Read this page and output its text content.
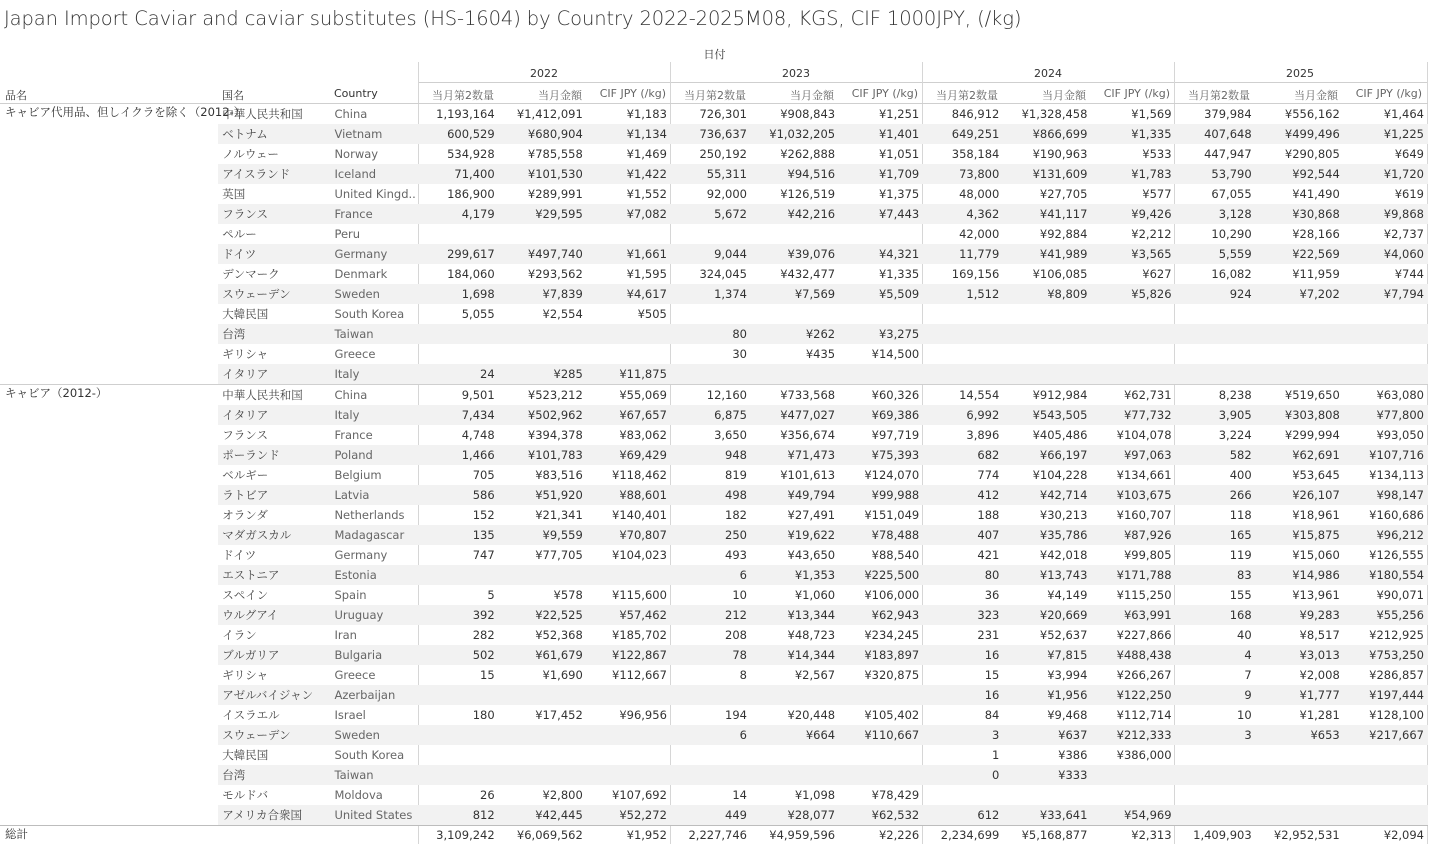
Japan Import Caviar and caviar substitutes (HS-1604) by Country 2022-2025M08, KGS, CIF 1000JPY, (/kg)
日付
2022	2023	2024	2025
品名	国名	Country	当月第2数量	当月金額	CIF JPY (/kg)	当月第2数量	当月金額	CIF JPY (/kg)	当月第2数量	当月金額	CIF JPY (/kg)	当月第2数量	当月金額	CIF JPY (/kg)
キャビア代用品、但しイクラを除く（2012-）	中華人民共和国	China	1,193,164	¥1,412,091	¥1,183	726,301	¥908,843	¥1,251	846,912	¥1,328,458	¥1,569	379,984	¥556,162	¥1,464
	ベトナム	Vietnam	600,529	¥680,904	¥1,134	736,637	¥1,032,205	¥1,401	649,251	¥866,699	¥1,335	407,648	¥499,496	¥1,225
	ノルウェー	Norway	534,928	¥785,558	¥1,469	250,192	¥262,888	¥1,051	358,184	¥190,963	¥533	447,947	¥290,805	¥649
	アイスランド	Iceland	71,400	¥101,530	¥1,422	55,311	¥94,516	¥1,709	73,800	¥131,609	¥1,783	53,790	¥92,544	¥1,720
	英国	United Kingd..	186,900	¥289,991	¥1,552	92,000	¥126,519	¥1,375	48,000	¥27,705	¥577	67,055	¥41,490	¥619
	フランス	France	4,179	¥29,595	¥7,082	5,672	¥42,216	¥7,443	4,362	¥41,117	¥9,426	3,128	¥30,868	¥9,868
	ペルー	Peru							42,000	¥92,884	¥2,212	10,290	¥28,166	¥2,737
	ドイツ	Germany	299,617	¥497,740	¥1,661	9,044	¥39,076	¥4,321	11,779	¥41,989	¥3,565	5,559	¥22,569	¥4,060
	デンマーク	Denmark	184,060	¥293,562	¥1,595	324,045	¥432,477	¥1,335	169,156	¥106,085	¥627	16,082	¥11,959	¥744
	スウェーデン	Sweden	1,698	¥7,839	¥4,617	1,374	¥7,569	¥5,509	1,512	¥8,809	¥5,826	924	¥7,202	¥7,794
	大韓民国	South Korea	5,055	¥2,554	¥505									
	台湾	Taiwan				80	¥262	¥3,275						
	ギリシャ	Greece				30	¥435	¥14,500						
	イタリア	Italy	24	¥285	¥11,875									
キャビア（2012-）	中華人民共和国	China	9,501	¥523,212	¥55,069	12,160	¥733,568	¥60,326	14,554	¥912,984	¥62,731	8,238	¥519,650	¥63,080
	イタリア	Italy	7,434	¥502,962	¥67,657	6,875	¥477,027	¥69,386	6,992	¥543,505	¥77,732	3,905	¥303,808	¥77,800
	フランス	France	4,748	¥394,378	¥83,062	3,650	¥356,674	¥97,719	3,896	¥405,486	¥104,078	3,224	¥299,994	¥93,050
	ポーランド	Poland	1,466	¥101,783	¥69,429	948	¥71,473	¥75,393	682	¥66,197	¥97,063	582	¥62,691	¥107,716
	ベルギー	Belgium	705	¥83,516	¥118,462	819	¥101,613	¥124,070	774	¥104,228	¥134,661	400	¥53,645	¥134,113
	ラトビア	Latvia	586	¥51,920	¥88,601	498	¥49,794	¥99,988	412	¥42,714	¥103,675	266	¥26,107	¥98,147
	オランダ	Netherlands	152	¥21,341	¥140,401	182	¥27,491	¥151,049	188	¥30,213	¥160,707	118	¥18,961	¥160,686
	マダガスカル	Madagascar	135	¥9,559	¥70,807	250	¥19,622	¥78,488	407	¥35,786	¥87,926	165	¥15,875	¥96,212
	ドイツ	Germany	747	¥77,705	¥104,023	493	¥43,650	¥88,540	421	¥42,018	¥99,805	119	¥15,060	¥126,555
	エストニア	Estonia				6	¥1,353	¥225,500	80	¥13,743	¥171,788	83	¥14,986	¥180,554
	スペイン	Spain	5	¥578	¥115,600	10	¥1,060	¥106,000	36	¥4,149	¥115,250	155	¥13,961	¥90,071
	ウルグアイ	Uruguay	392	¥22,525	¥57,462	212	¥13,344	¥62,943	323	¥20,669	¥63,991	168	¥9,283	¥55,256
	イラン	Iran	282	¥52,368	¥185,702	208	¥48,723	¥234,245	231	¥52,637	¥227,866	40	¥8,517	¥212,925
	ブルガリア	Bulgaria	502	¥61,679	¥122,867	78	¥14,344	¥183,897	16	¥7,815	¥488,438	4	¥3,013	¥753,250
	ギリシャ	Greece	15	¥1,690	¥112,667	8	¥2,567	¥320,875	15	¥3,994	¥266,267	7	¥2,008	¥286,857
	アゼルバイジャン	Azerbaijan							16	¥1,956	¥122,250	9	¥1,777	¥197,444
	イスラエル	Israel	180	¥17,452	¥96,956	194	¥20,448	¥105,402	84	¥9,468	¥112,714	10	¥1,281	¥128,100
	スウェーデン	Sweden				6	¥664	¥110,667	3	¥637	¥212,333	3	¥653	¥217,667
	大韓民国	South Korea							1	¥386	¥386,000			
	台湾	Taiwan							0	¥333				
	モルドバ	Moldova	26	¥2,800	¥107,692	14	¥1,098	¥78,429						
	アメリカ合衆国	United States	812	¥42,445	¥52,272	449	¥28,077	¥62,532	612	¥33,641	¥54,969			
総計			3,109,242	¥6,069,562	¥1,952	2,227,746	¥4,959,596	¥2,226	2,234,699	¥5,168,877	¥2,313	1,409,903	¥2,952,531	¥2,094
